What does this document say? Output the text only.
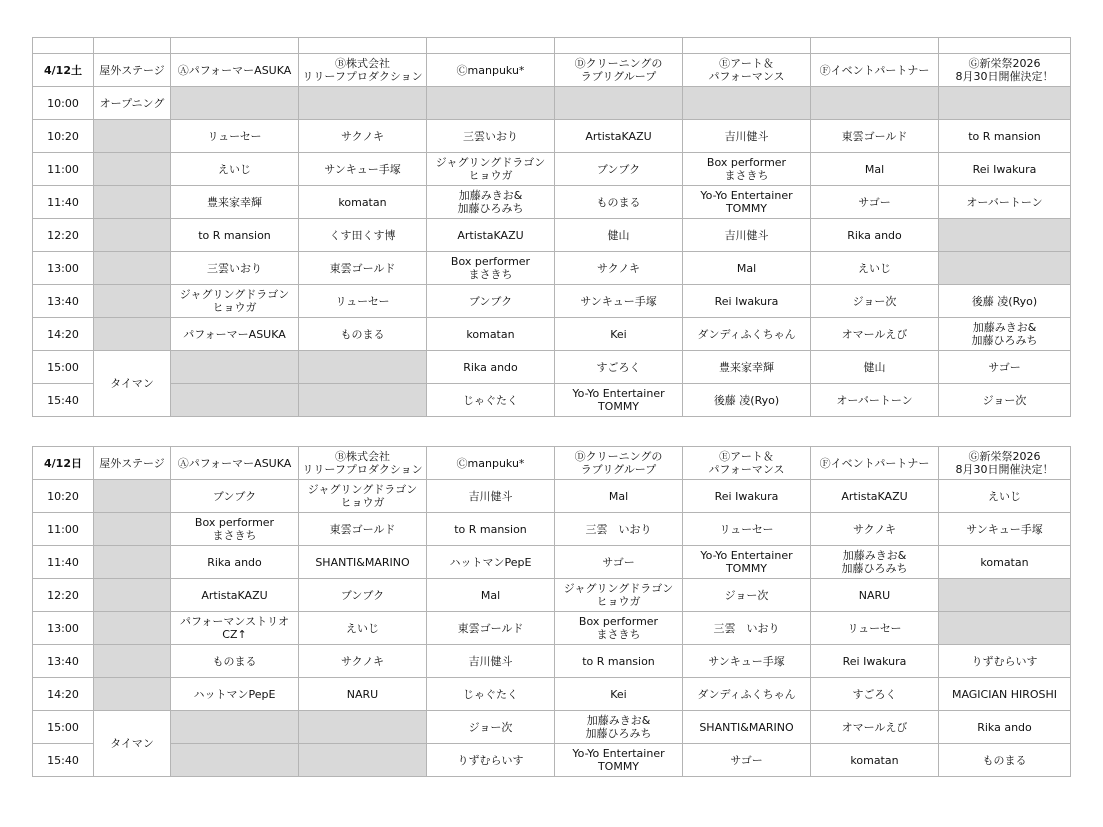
4/12土	屋外ステージ	Ⓐパフォーマー​ASUKA	Ⓑ株式会社
リリーフプロダクション	Ⓒmanpuku*	Ⓓクリーニングの
ラブリグループ	Ⓔアート＆
パフォーマンス	Ⓕイベントパートナー	Ⓖ新栄祭2026
8月30日開催決定！
10:00	オープニング							
10:20		リューセー	サクノキ	三雲いおり	ArtistaKAZU	吉川健斗	東雲ゴールド	to R mansion
11:00		えいじ	サンキュー手塚	ジャグリングドラゴン
ヒョウガ	ブンブク	Box performer
まさきち	Mal	Rei Iwakura
11:40		豊来家幸輝	komatan	加藤みきお&
加藤ひろみち	ものまる	Yo-Yo Entertainer
TOMMY	サゴー	オーバートーン
12:20		to R mansion	くす田くす博	ArtistaKAZU	健山	吉川健斗	Rika ando	
13:00		三雲いおり	東雲ゴールド	Box performer
まさきち	サクノキ	Mal	えいじ	
13:40		ジャグリングドラゴン
ヒョウガ	リューセー	ブンブク	サンキュー手塚	Rei Iwakura	ジョー次	後藤 凌(Ryo)
14:20		パフォーマーASUKA	ものまる	komatan	Kei	ダンディふくちゃん	オマールえび	加藤みきお&
加藤ひろみち
15:00	タイマン			Rika ando	すごろく	豊来家幸輝	健山	サゴー
15:40				じゃぐたく	Yo-Yo Entertainer
TOMMY	後藤 凌(Ryo)	オーバートーン	ジョー次
4/12日	屋外ステージ	Ⓐパフォーマー​ASUKA	Ⓑ株式会社
リリーフプロダクション	Ⓒmanpuku*	Ⓓクリーニングの
ラブリグループ	Ⓔアート＆
パフォーマンス	Ⓕイベントパートナー	Ⓖ新栄祭2026
8月30日開催決定！
10:20		ブンブク	ジャグリングドラゴン
ヒョウガ	吉川健斗	Mal	Rei Iwakura	ArtistaKAZU	えいじ
11:00		Box performer
まさきち	東雲ゴールド	to R mansion	三雲　いおり	リューセー	サクノキ	サンキュー手塚
11:40		Rika ando	SHANTI&MARINO	ハットマンPepE	サゴー	Yo-Yo Entertainer
TOMMY	加藤みきお&
加藤ひろみち	komatan
12:20		ArtistaKAZU	ブンブク	Mal	ジャグリングドラゴン
ヒョウガ	ジョー次	NARU	
13:00		パフォーマンストリオ
CZ↑	えいじ	東雲ゴールド	Box performer
まさきち	三雲　いおり	リューセー	
13:40		ものまる	サクノキ	吉川健斗	to R mansion	サンキュー手塚	Rei Iwakura	りずむらいす
14:20		ハットマンPepE	NARU	じゃぐたく	Kei	ダンディふくちゃん	すごろく	MAGICIAN HIROSHI
15:00	タイマン			ジョー次	加藤みきお&
加藤ひろみち	SHANTI&MARINO	オマールえび	Rika ando
15:40				りずむらいす	Yo-Yo Entertainer
TOMMY	サゴー	komatan	ものまる
